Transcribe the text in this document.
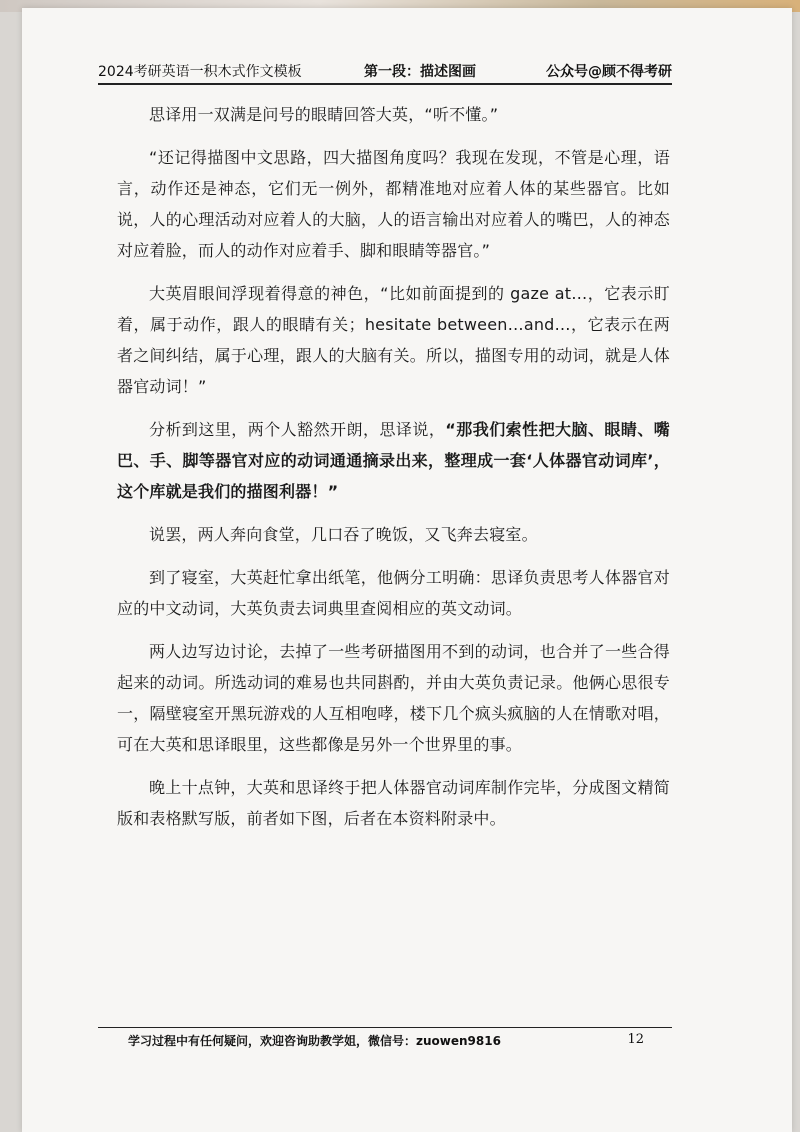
2024考研英语一积木式作文模板	第一段：描述图画	公众号@顾不得考研

思译用一双满是问号的眼睛回答大英，“听不懂。”

“还记得描图中文思路，四大描图角度吗？我现在发现，不管是心理，语言，动作还是神态，它们无一例外，都精准地对应着人体的某些器官。比如说，人的心理活动对应着人的大脑，人的语言输出对应着人的嘴巴，人的神态对应着脸，而人的动作对应着手、脚和眼睛等器官。”

大英眉眼间浮现着得意的神色，“比如前面提到的 gaze at…，它表示盯着，属于动作，跟人的眼睛有关；hesitate between…and…，它表示在两者之间纠结，属于心理，跟人的大脑有关。所以，描图专用的动词，就是人体器官动词！”

分析到这里，两个人豁然开朗，思译说，“那我们索性把大脑、眼睛、嘴巴、手、脚等器官对应的动词通通摘录出来，整理成一套‘人体器官动词库’，这个库就是我们的描图利器！”

说罢，两人奔向食堂，几口吞了晚饭，又飞奔去寝室。

到了寝室，大英赶忙拿出纸笔，他俩分工明确：思译负责思考人体器官对应的中文动词，大英负责去词典里查阅相应的英文动词。

两人边写边讨论，去掉了一些考研描图用不到的动词，也合并了一些合得起来的动词。所选动词的难易也共同斟酌，并由大英负责记录。他俩心思很专一，隔壁寝室开黑玩游戏的人互相咆哮，楼下几个疯头疯脑的人在情歌对唱，可在大英和思译眼里，这些都像是另外一个世界里的事。

晚上十点钟，大英和思译终于把人体器官动词库制作完毕，分成图文精简版和表格默写版，前者如下图，后者在本资料附录中。

学习过程中有任何疑问，欢迎咨询助教学姐，微信号：zuowen9816	12
